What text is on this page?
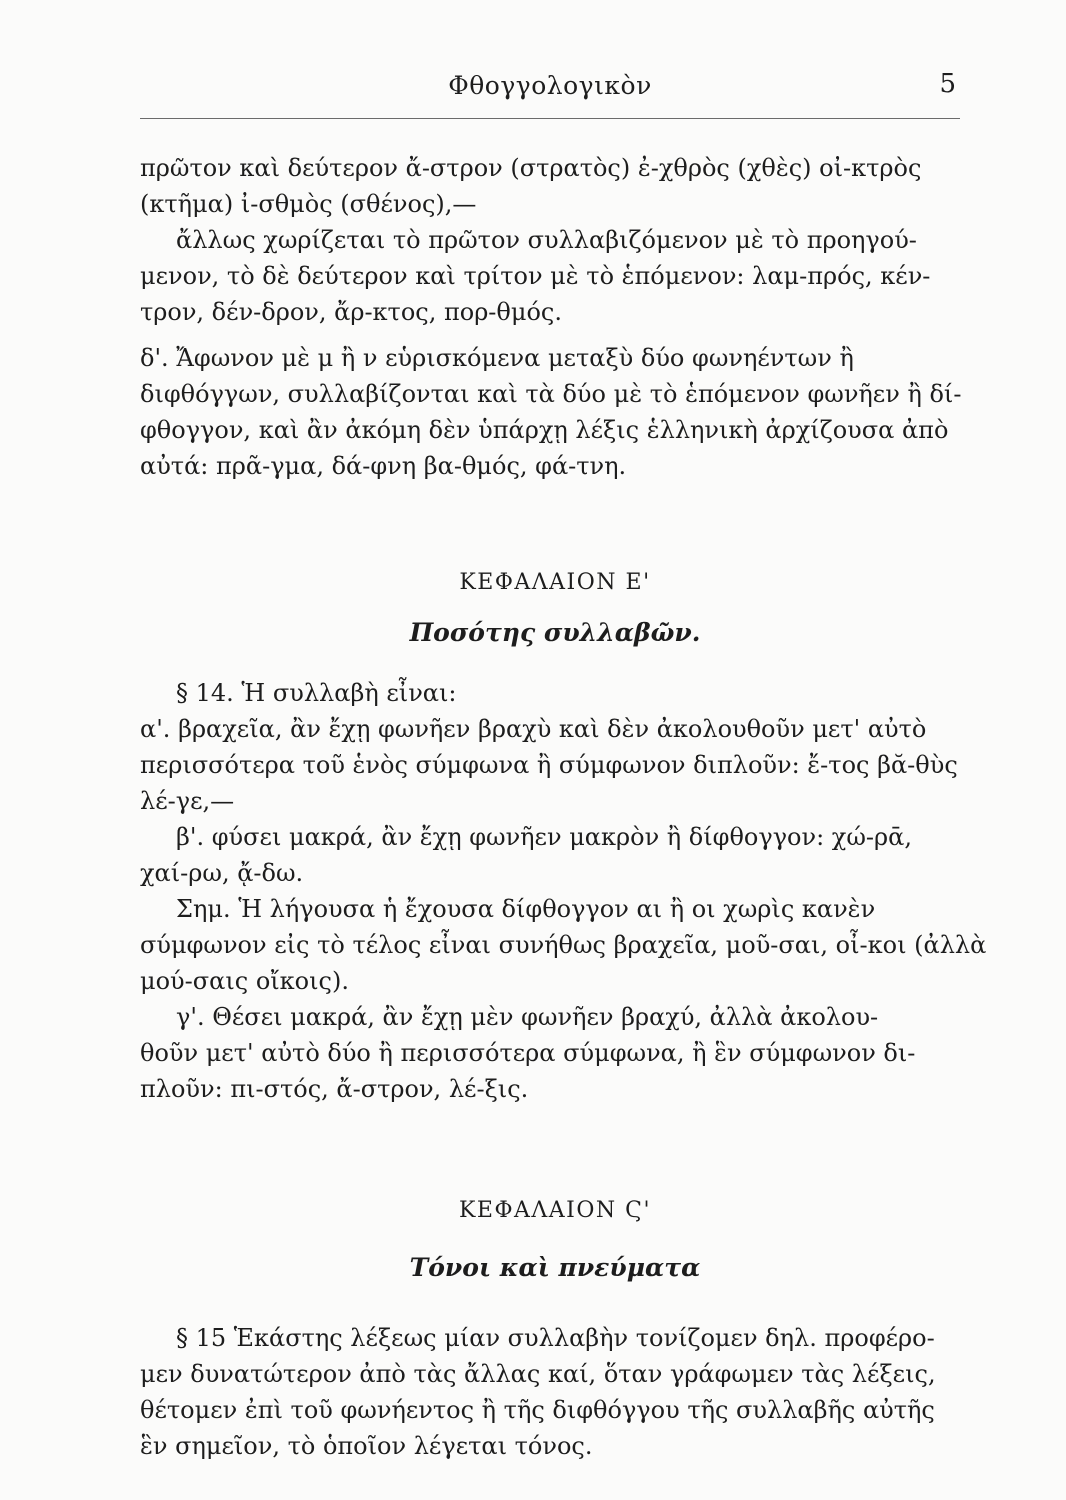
Φθογγολογικὸν	5
πρῶτον καὶ δεύτερον ἄ-στρον (στρατὸς) ἐ-χθρὸς (χθὲς) οἰ-κτρὸς
(κτῆμα) ἰ-σθμὸς (σθένος),—
ἄλλως χωρίζεται τὸ πρῶτον συλλαβιζόμενον μὲ τὸ προηγού-
μενον, τὸ δὲ δεύτερον καὶ τρίτον μὲ τὸ ἑπόμενον: λαμ-πρός, κέν-
τρον, δέν-δρον, ἄρ-κτος, πορ-θμός.
δ'. Ἄφωνον μὲ μ ἢ ν εὑρισκόμενα μεταξὺ δύο φωνηέντων ἢ
διφθόγγων, συλλαβίζονται καὶ τὰ δύο μὲ τὸ ἑπόμενον φωνῆεν ἢ δί-
φθογγον, καὶ ἂν ἀκόμη δὲν ὑπάρχῃ λέξις ἑλληνικὴ ἀρχίζουσα ἀπὸ
αὐτά: πρᾶ-γμα, δά-φνη βα-θμός, φά-τνη.
ΚΕΦΑΛΑΙΟΝ Ε'
Ποσότης συλλαβῶν.
§ 14. Ἡ συλλαβὴ εἶναι:
α'. βραχεῖα, ἂν ἔχῃ φωνῆεν βραχὺ καὶ δὲν ἀκολουθοῦν μετ' αὐτὸ
περισσότερα τοῦ ἑνὸς σύμφωνα ἢ σύμφωνον διπλοῦν: ἔ-τος βᾰ-θὺς
λέ-γε,—
β'. φύσει μακρά, ἂν ἔχῃ φωνῆεν μακρὸν ἢ δίφθογγον: χώ-ρᾱ,
χαί-ρω, ᾄ-δω.
Σημ. Ἡ λήγουσα ἡ ἔχουσα δίφθογγον αι ἢ οι χωρὶς κανὲν
σύμφωνον εἰς τὸ τέλος εἶναι συνήθως βραχεῖα, μοῦ-σαι, οἶ-κοι (ἀλλὰ
μού-σαις οἴκοις).
γ'. Θέσει μακρά, ἂν ἔχῃ μὲν φωνῆεν βραχύ, ἀλλὰ ἀκολου-
θοῦν μετ' αὐτὸ δύο ἢ περισσότερα σύμφωνα, ἢ ἓν σύμφωνον δι-
πλοῦν: πι-στός, ἄ-στρον, λέ-ξις.
ΚΕΦΑΛΑΙΟΝ Ϛ'
Τόνοι καὶ πνεύματα
§ 15 Ἑκάστης λέξεως μίαν συλλαβὴν τονίζομεν δηλ. προφέρο-
μεν δυνατώτερον ἀπὸ τὰς ἄλλας καί, ὅταν γράφωμεν τὰς λέξεις,
θέτομεν ἐπὶ τοῦ φωνήεντος ἢ τῆς διφθόγγου τῆς συλλαβῆς αὐτῆς
ἓν σημεῖον, τὸ ὁποῖον λέγεται τόνος.
